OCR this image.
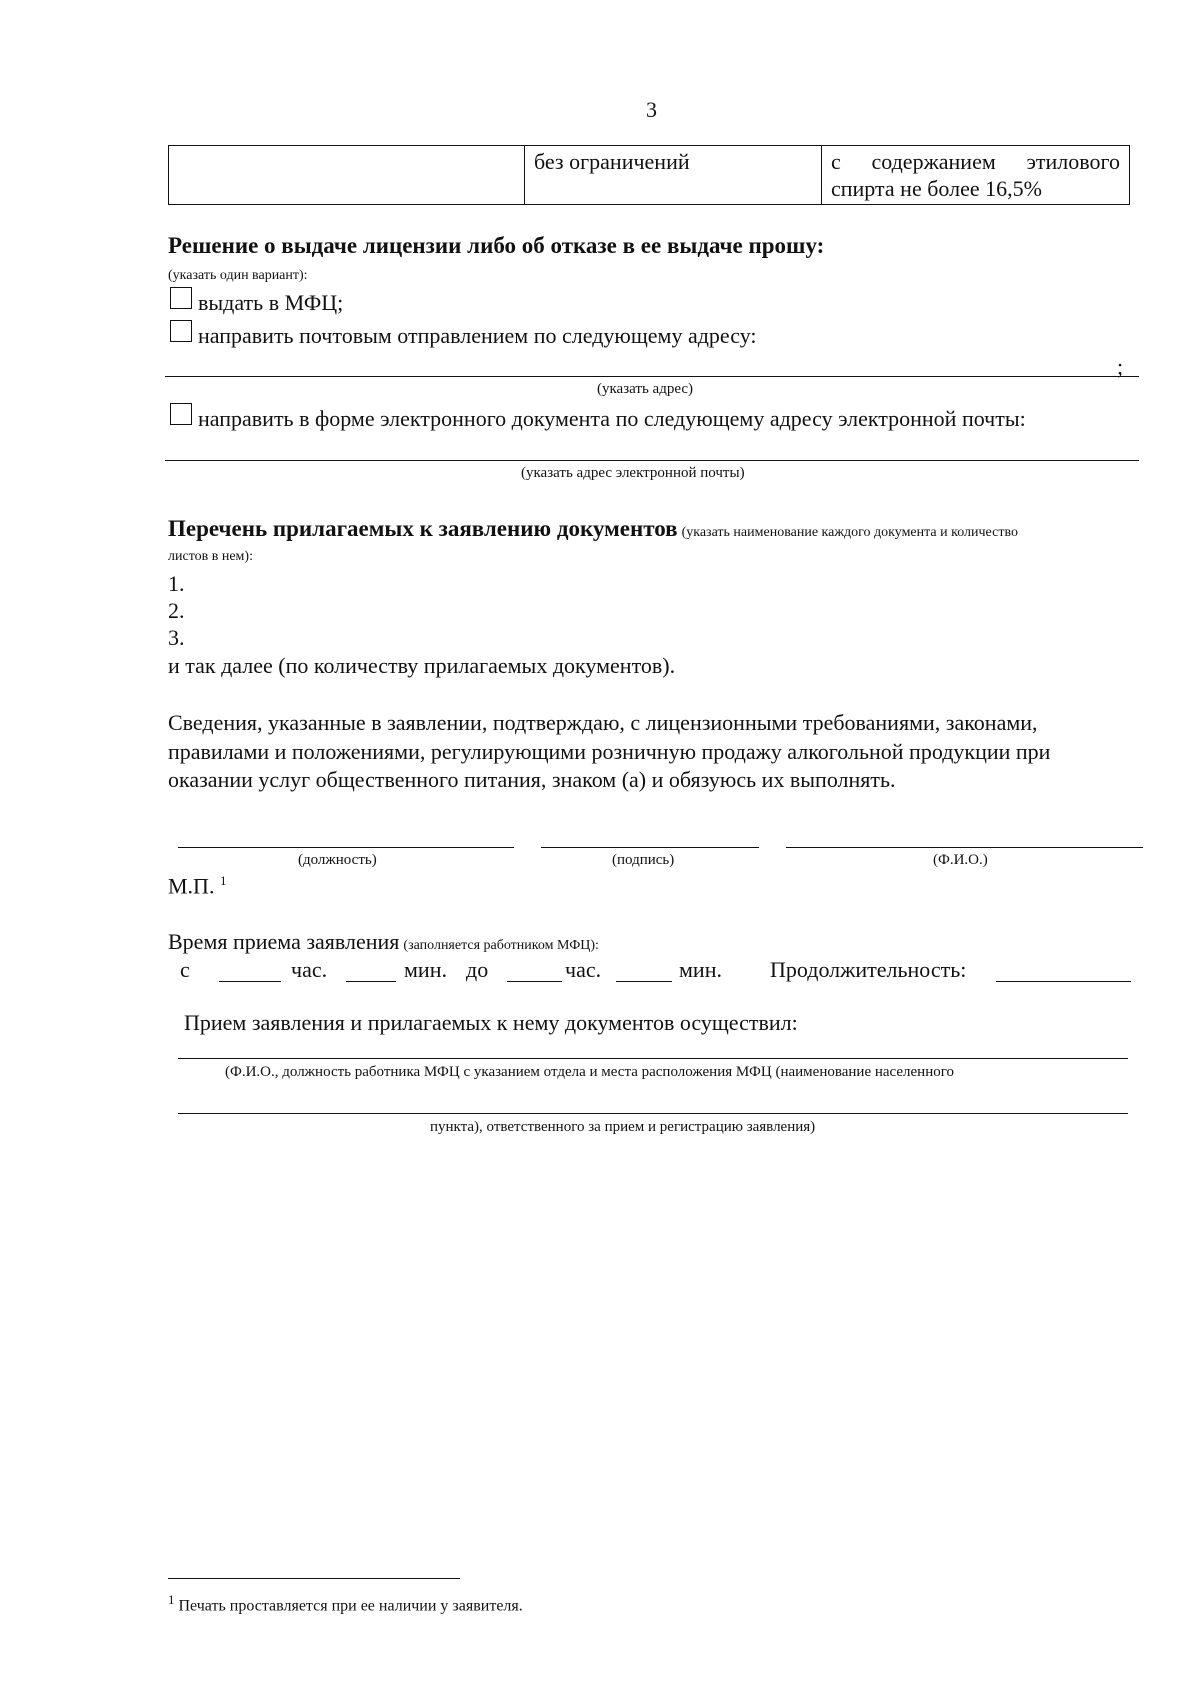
3
	без ограничений	с содержанием этилового
спирта не более 16,5%
Решение о выдаче лицензии либо об отказе в ее выдаче прошу:
(указать один вариант):
выдать в МФЦ;
направить почтовым отправлением по следующему адресу:
;
(указать адрес)
направить в форме электронного документа по следующему адресу электронной почты:
(указать адрес электронной почты)
Перечень прилагаемых к заявлению документов (указать наименование каждого документа и количество
листов в нем):
1.
2.
3.
и так далее (по количеству прилагаемых документов).
Сведения, указанные в заявлении, подтверждаю, с лицензионными требованиями, законами,
правилами и положениями, регулирующими розничную продажу алкогольной продукции при
оказании услуг общественного питания, знаком (а) и обязуюсь их выполнять.
(должность)	(подпись)	(Ф.И.О.)
М.П. $^1$
Время приема заявления (заполняется работником МФЦ):
с	час.	мин. до	час.	мин. Продолжительность:
Прием заявления и прилагаемых к нему документов осуществил:
(Ф.И.О., должность работника МФЦ с указанием отдела и места расположения МФЦ (наименование населенного
пункта), ответственного за прием и регистрацию заявления)
$^1$ Печать проставляется при ее наличии у заявителя.
